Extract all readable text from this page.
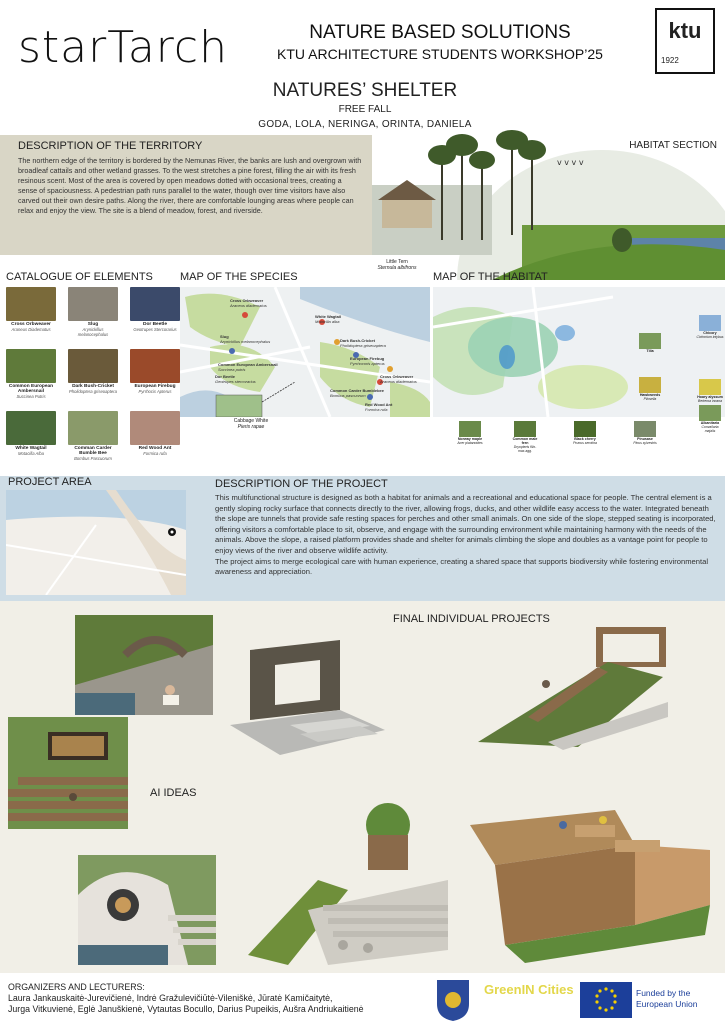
starTarch	NATURE BASED SOLUTIONS
KTU ARCHITECTURE STUDENTS WORKSHOP’25
ktu
1922
NATURES’ SHELTER
FREE FALL
GODA, LOLA, NERINGA, ORINTA, DANIELA
DESCRIPTION OF THE TERRITORY
The northern edge of the territory is bordered by the Nemunas River, the banks are lush and overgrown with broadleaf cattails and other wetland grasses. To the west stretches a pine forest, filling the air with its fresh resinous scent. Most of the area is covered by open meadows dotted with occasional trees, creating a sense of spaciousness. A pedestrian path runs parallel to the water, though over time visitors have also carved out their own desire paths. Along the river, there are comfortable lounging areas where people can relax and enjoy the view. The site is a blend of meadow, forest, and riverside.
v v v v
HABITAT SECTION
CATALOGUE OF ELEMENTS
Cross Orbweaver
Araneus Diadematus
Slug
Arynickillus melanocephalus
Dor Beetle
Geotrupes Stercorarius
Common European Ambersnail
Succinea Putris
Dark Bush-Cricket
Pholidoptera griseoaptera
European Firebug
Pyrrhocis Apterus
White Wagtail
Motacilla Alba
Comman Carder Bumble Bee
Bombus Pascuorum
Red Wood Ant
Formica rufa
MAP OF THE SPECIES
Little Tern
Sternula albifrons
Cabbage White
Pieris rapae
Cross Orbweaver
Araneus diadematus
White Wagtail
Motacilla alba
Slug
Arynickillus melanocephalus
Common European Ambersnail
Succinea putris
Dor Beetle
Geotrupes stercorarius
Dark Bush-Cricket
Pholidoptera griseoaptera
European Firebug
Pyrrhocoris apterus
Cross Orbweaver
Araneus diadematus
Common Carder Bumblebee
Bombus pascuorum
Red Wood Ant
Formica rufa
MAP OF THE HABITAT
Chicory
Cichorium intybus
Tilia
Hoary alyssum
Berteroa incana
Hawkweeds
Pilosella
Alkanitaria
Convallaria majalis
Norway maple
Acer platanoides
Common male fern
Dryopteris filix-mas agg.
Black cherry
Prunus serotina
Pinusase
Pinus sylvestris
PROJECT AREA	DESCRIPTION OF THE PROJECT
This multifunctional structure is designed as both a habitat for animals and a recreational and educational space for people. The central element is a gently sloping rocky surface that connects directly to the river, allowing frogs, ducks, and other wildlife easy access to the water. Integrated beneath the slope are tunnels that provide safe resting spaces for perches and other small animals. On one side of the slope, stepped seating is incorporated, offering visitors a comfortable place to sit, observe, and engage with the surrounding environment while maintaining harmony with the needs of the animals. Above the slope, a raised platform provides shade and shelter for animals climbing the slope and doubles as a vantage point for people to enjoy views of the river and observe wildlife activity.
The project aims to merge ecological care with human experience, creating a shared space that supports biodiversity while fostering environmental awareness and appreciation.
FINAL INDIVIDUAL PROJECTS
AI IDEAS
ORGANIZERS AND LECTURERS:
Laura Jankauskaitė-Jurevičienė, Indrė Gražulevičiūtė-Vileniškė, Jūratė Kamičaitytė,
Jurga Vitkuvienė, Eglė Januškienė, Vytautas Bocullo, Darius Pupeikis, Aušra Andriukaitienė
GreenIN Cities	Funded by the European Union
